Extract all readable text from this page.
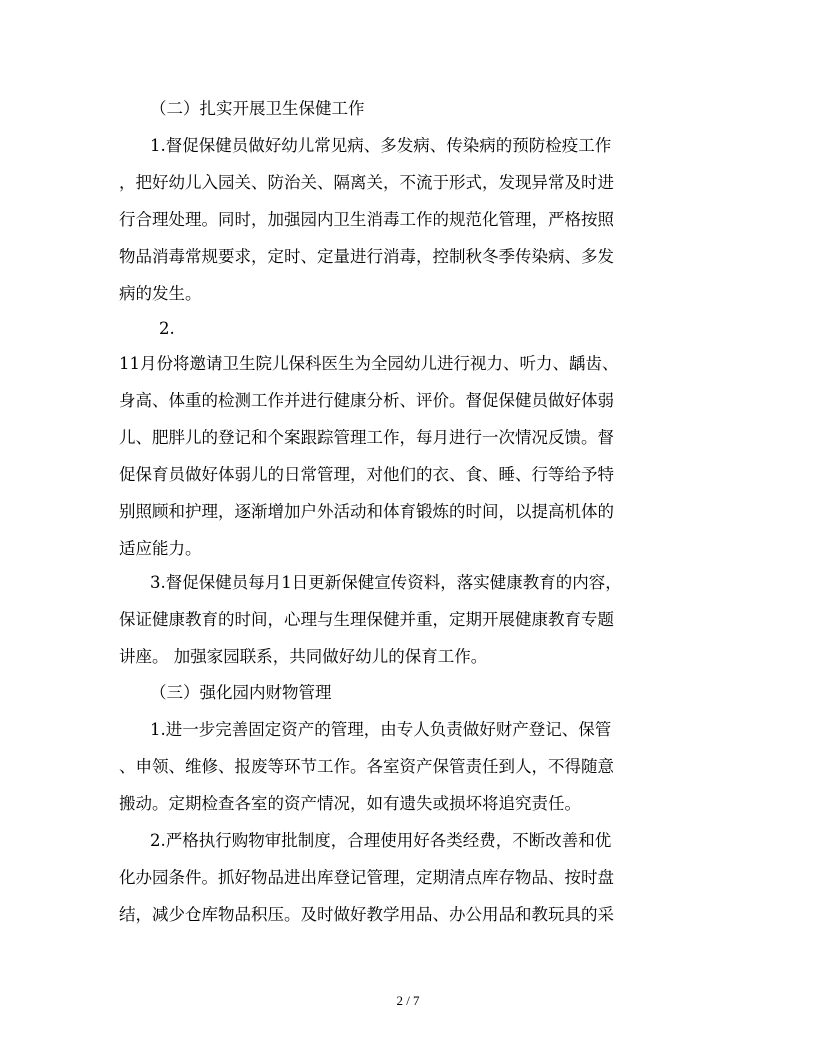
（二）扎实开展卫生保健工作
1.督促保健员做好幼儿常见病、多发病、传染病的预防检疫工作
，把好幼儿入园关、防治关、隔离关，不流于形式，发现异常及时进
行合理处理。同时，加强园内卫生消毒工作的规范化管理，严格按照
物品消毒常规要求，定时、定量进行消毒，控制秋冬季传染病、多发
病的发生。
2.
11月份将邀请卫生院儿保科医生为全园幼儿进行视力、听力、龋齿、
身高、体重的检测工作并进行健康分析、评价。督促保健员做好体弱
儿、肥胖儿的登记和个案跟踪管理工作，每月进行一次情况反馈。督
促保育员做好体弱儿的日常管理，对他们的衣、食、睡、行等给予特
别照顾和护理，逐渐增加户外活动和体育锻炼的时间，以提高机体的
适应能力。
3.督促保健员每月1日更新保健宣传资料，落实健康教育的内容，
保证健康教育的时间，心理与生理保健并重，定期开展健康教育专题
讲座。 加强家园联系，共同做好幼儿的保育工作。
（三）强化园内财物管理
1.进一步完善固定资产的管理，由专人负责做好财产登记、保管
、申领、维修、报废等环节工作。各室资产保管责任到人，不得随意
搬动。定期检查各室的资产情况，如有遗失或损坏将追究责任。
2.严格执行购物审批制度，合理使用好各类经费，不断改善和优
化办园条件。抓好物品进出库登记管理，定期清点库存物品、按时盘
结，减少仓库物品积压。及时做好教学用品、办公用品和教玩具的采
2 / 7
